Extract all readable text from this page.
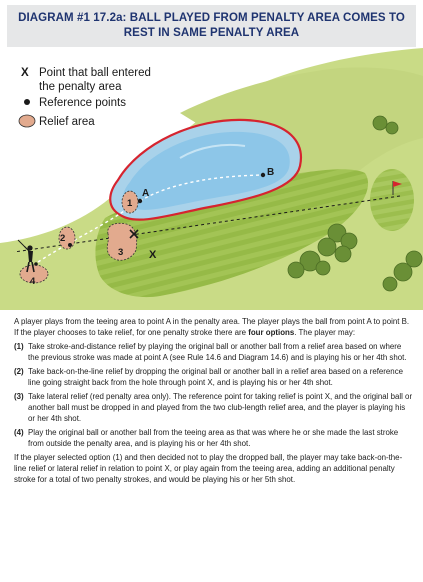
DIAGRAM #1 17.2a: BALL PLAYED FROM PENALTY AREA COMES TO
REST IN SAME PENALTY AREA
X Point that ball entered
the penalty area
Reference points
Relief area
A
B
X
1
2
3
4

A player plays from the teeing area to point A in the penalty area. The player plays the ball from point A to point B. If the player chooses to take relief, for one penalty stroke there are four options. The player may:

(1) Take stroke-and-distance relief by playing the original ball or another ball from a relief area based on where the previous stroke was made at point A (see Rule 14.6 and Diagram 14.6) and is playing his or her 4th shot.
(2) Take back-on-the-line relief by dropping the original ball or another ball in a relief area based on a reference line going straight back from the hole through point X, and is playing his or her 4th shot.
(3) Take lateral relief (red penalty area only). The reference point for taking relief is point X, and the original ball or another ball must be dropped in and played from the two club-length relief area, and the player is playing his or her 4th shot.
(4) Play the original ball or another ball from the teeing area as that was where he or she made the last stroke from outside the penalty area, and is playing his or her 4th shot.

If the player selected option (1) and then decided not to play the dropped ball, the player may take back-on-the-line relief or lateral relief in relation to point X, or play again from the teeing area, adding an additional penalty stroke for a total of two penalty strokes, and would be playing his or her 5th shot.
